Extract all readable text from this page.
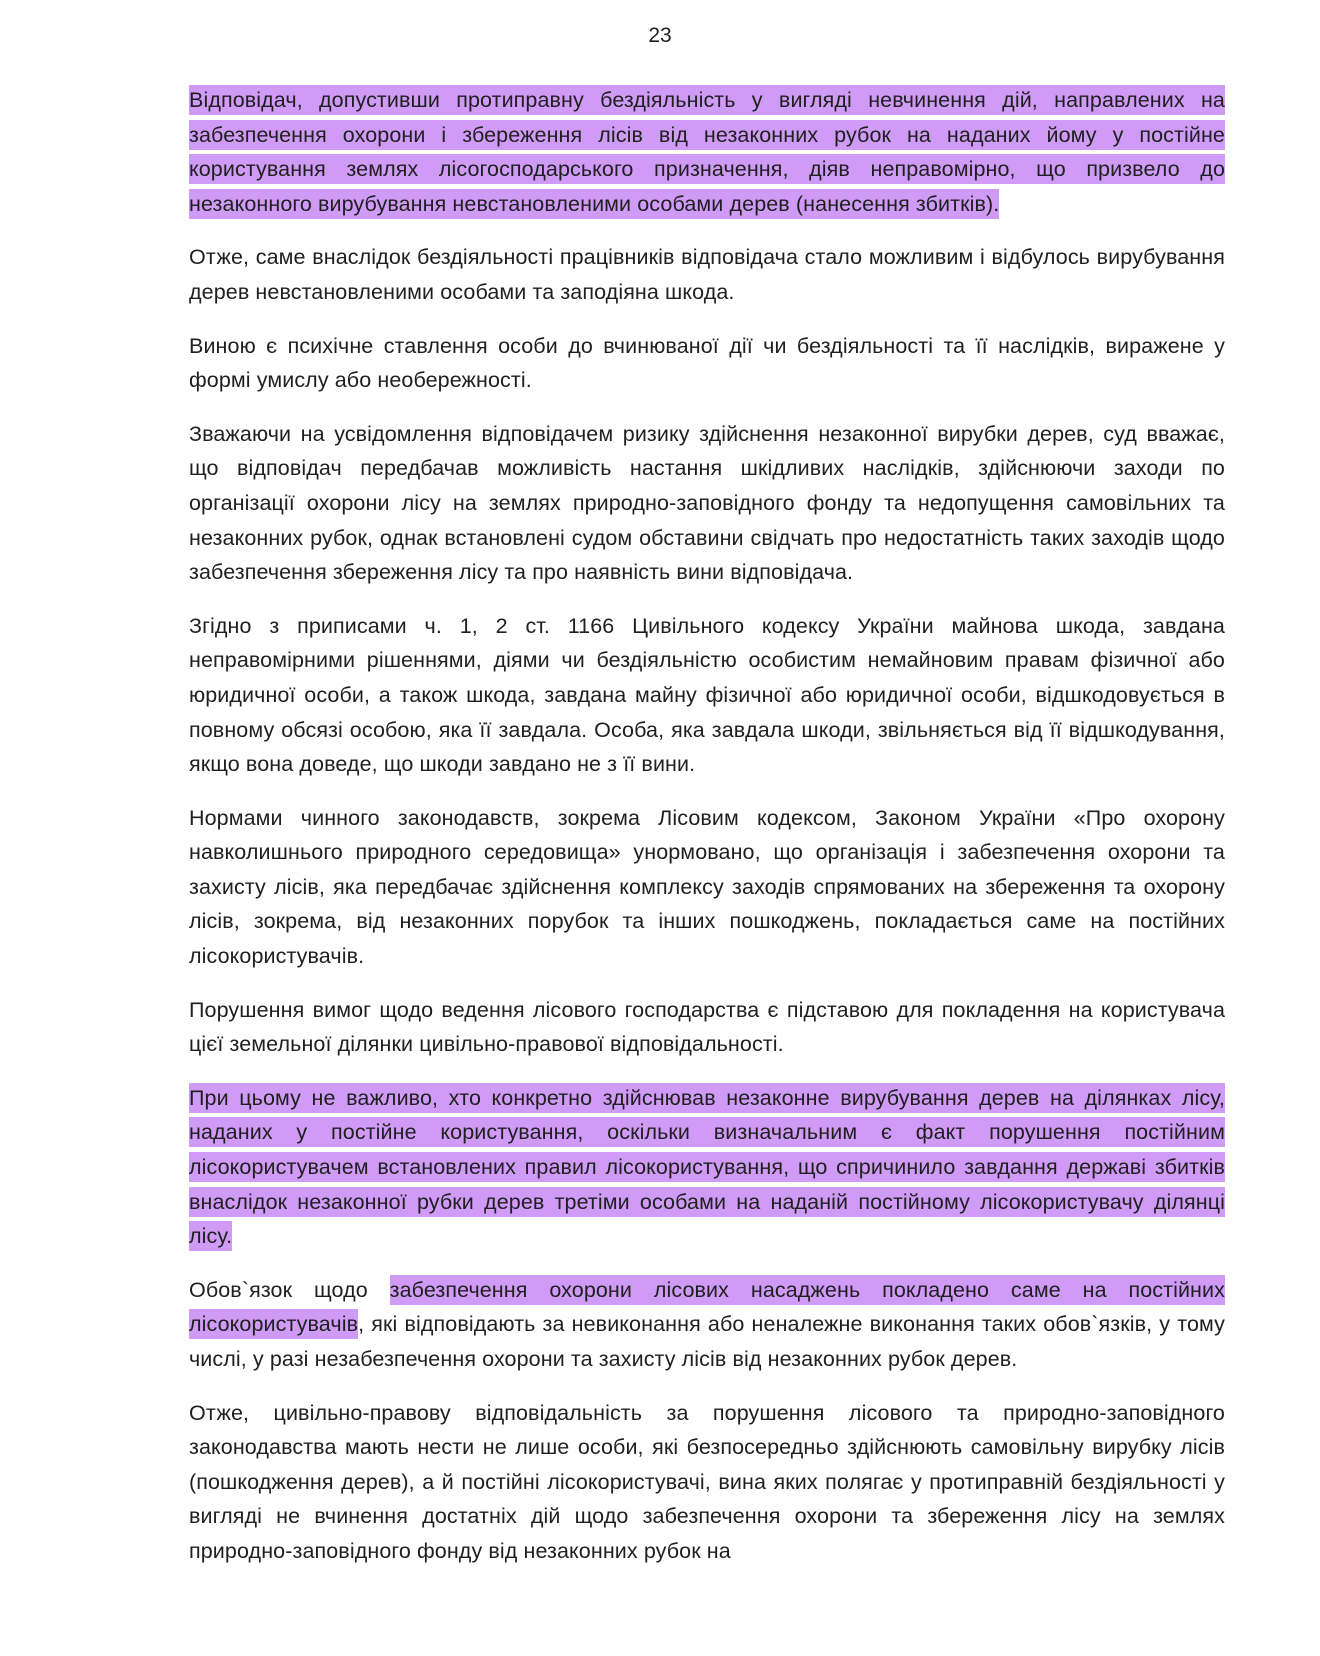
23

Відповідач, допустивши протиправну бездіяльність у вигляді невчинення дій, направлених на забезпечення охорони і збереження лісів від незаконних рубок на наданих йому у постійне користування землях лісогосподарського призначення, діяв неправомірно, що призвело до незаконного вирубування невстановленими особами дерев (нанесення збитків).

Отже, саме внаслідок бездіяльності працівників відповідача стало можливим і відбулось вирубування дерев невстановленими особами та заподіяна шкода.

Виною є психічне ставлення особи до вчинюваної дії чи бездіяльності та її наслідків, виражене у формі умислу або необережності.

Зважаючи на усвідомлення відповідачем ризику здійснення незаконної вирубки дерев, суд вважає, що відповідач передбачав можливість настання шкідливих наслідків, здійснюючи заходи по організації охорони лісу на землях природно-заповідного фонду та недопущення самовільних та незаконних рубок, однак встановлені судом обставини свідчать про недостатність таких заходів щодо забезпечення збереження лісу та про наявність вини відповідача.

Згідно з приписами ч. 1, 2 ст. 1166 Цивільного кодексу України майнова шкода, завдана неправомірними рішеннями, діями чи бездіяльністю особистим немайновим правам фізичної або юридичної особи, а також шкода, завдана майну фізичної або юридичної особи, відшкодовується в повному обсязі особою, яка її завдала. Особа, яка завдала шкоди, звільняється від її відшкодування, якщо вона доведе, що шкоди завдано не з її вини.

Нормами чинного законодавств, зокрема Лісовим кодексом, Законом України «Про охорону навколишнього природного середовища» унормовано, що організація і забезпечення охорони та захисту лісів, яка передбачає здійснення комплексу заходів спрямованих на збереження та охорону лісів, зокрема, від незаконних порубок та інших пошкоджень, покладається саме на постійних лісокористувачів.

Порушення вимог щодо ведення лісового господарства є підставою для покладення на користувача цієї земельної ділянки цивільно-правової відповідальності.

При цьому не важливо, хто конкретно здійснював незаконне вирубування дерев на ділянках лісу, наданих у постійне користування, оскільки визначальним є факт порушення постійним лісокористувачем встановлених правил лісокористування, що спричинило завдання державі збитків внаслідок незаконної рубки дерев третіми особами на наданій постійному лісокористувачу ділянці лісу.

Обов`язок щодо забезпечення охорони лісових насаджень покладено саме на постійних лісокористувачів, які відповідають за невиконання або неналежне виконання таких обов`язків, у тому числі, у разі незабезпечення охорони та захисту лісів від незаконних рубок дерев.

Отже, цивільно-правову відповідальність за порушення лісового та природно-заповідного законодавства мають нести не лише особи, які безпосередньо здійснюють самовільну вирубку лісів (пошкодження дерев), а й постійні лісокористувачі, вина яких полягає у протиправній бездіяльності у вигляді не вчинення достатніх дій щодо забезпечення охорони та збереження лісу на землях природно-заповідного фонду від незаконних рубок на
